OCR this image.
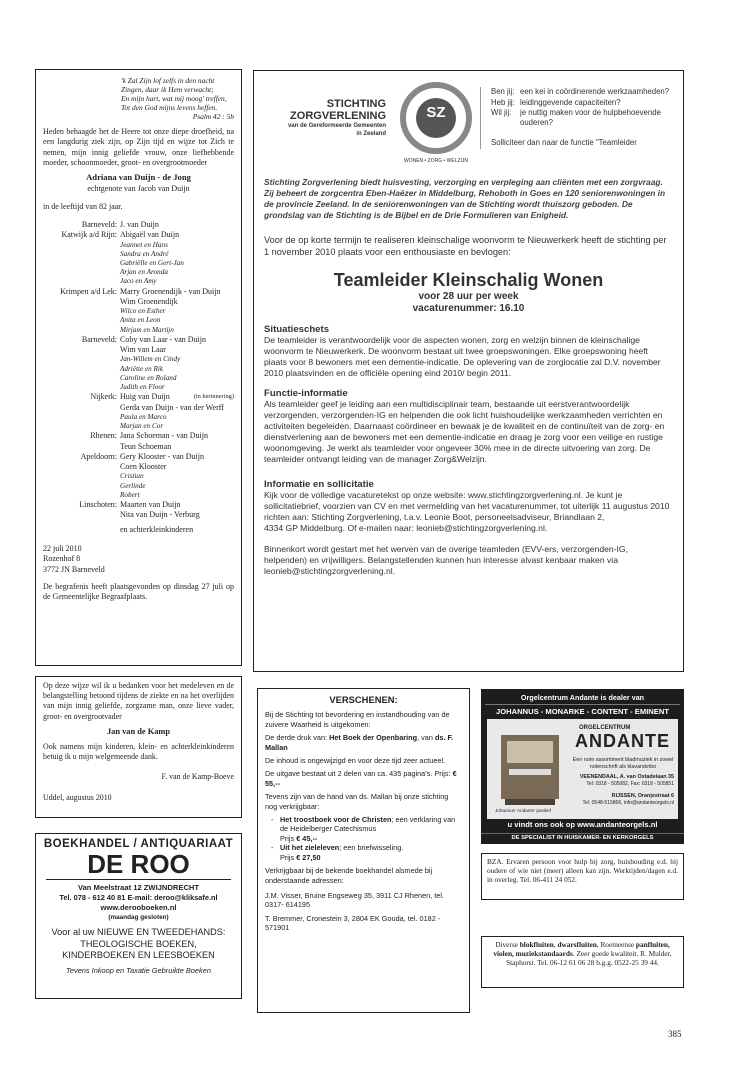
'k Zal Zijn lof zelfs in den nacht
Zingen, daar ik Hem verwacht;
En mijn hart, wat mij moog' treffen,
Tot den God mijns levens heffen.
Psalm 42 : 5b
Heden behaagde het de Heere tot onze diepe droefheid, na een langdurig ziek zijn, op Zijn tijd en wijze tot Zich te nemen, mijn innig geliefde vrouw, onze liefhebbende moeder, schoonmoeder, groot- en overgrootmoeder
Adriana van Duijn - de Jong
echtgenote van Jacob van Duijn
in de leeftijd van 82 jaar.
Barneveld: J. van Duijn
Katwijk a/d Rijn: Abigaël van Duijn
Jeannet en Hans
Sandra en André
Gabriëlle en Gert-Jan
Arjan en Aronda
Jaco en Amy
Krimpen a/d Lek: Marry Groenendijk - van Duijn
Wim Groenendijk
Wilco en Esther
Anita en Leon
Mirjam en Martijn
Barneveld: Coby van Laar - van Duijn
Wim van Laar
Jan-Willem en Cindy
Adriëtte en Rik
Caroline en Roland
Judith en Floor
Nijkerk: Huig van Duijn	(in herinnering)
Gerda van Duijn - van der Werff
Paula en Marco
Marjan en Cor
Rhenen: Jana Schoeman - van Duijn
Teun Schoeman
Apeldoorn: Gery Klooster - van Duijn
Coen Klooster
Cristian
Gerlinde
Robert
Linschoten: Maarten van Duijn
Nita van Duijn - Verburg
en achterkleinkinderen
22 juli 2010
Rozenhof 8
3772 JN Barneveld
De begrafenis heeft plaatsgevonden op dinsdag 27 juli op de Gemeentelijke Begraafplaats.
Op deze wijze wil ik u bedanken voor het medeleven en de belangstelling betoond tijdens de ziekte en na het overlijden van mijn innig geliefde, zorgzame man, onze lieve vader, groot- en overgrootvader
Jan van de Kamp
Ook namens mijn kinderen, klein- en achterkleinkinderen betuig ik u mijn welgemeende dank.
F. van de Kamp-Boeve
Uddel, augustus 2010
BOEKHANDEL / ANTIQUARIAAT
DE ROO
Van Meelstraat 12 ZWIJNDRECHT
Tel. 078 - 612 40 81 E-mail: deroo@kliksafe.nl
www.derooboeken.nl
(maandag gesloten)
Voor al uw NIEUWE EN TWEEDEHANDS:
THEOLOGISCHE BOEKEN,
KINDERBOEKEN EN LEESBOEKEN
Tevens Inkoop en Taxatie Gebruikte Boeken
STICHTING
ZORGVERLENING
van de Gereformeerde Gemeenten
in Zeeland
SZ
WONEN • ZORG • WELZIJN
Ben jij: een kei in coördinerende werkzaamheden?
Heb jij: leidinggevende capaciteiten?
Wil jij:	je nuttig maken voor de hulpbehoevende ouderen?
Solliciteer dan naar de functie "Teamleider
Stichting Zorgverlening biedt huisvesting, verzorging en verpleging aan cliënten met een zorgvraag. Zij beheert de zorgcentra Eben-Haëzer in Middelburg, Rehoboth in Goes en 120 seniorenwoningen in de provincie Zeeland. In de seniorenwoningen van de Stichting wordt thuiszorg geboden. De grondslag van de Stichting is de Bijbel en de Drie Formulieren van Enigheid.
Voor de op korte termijn te realiseren kleinschalige woonvorm te Nieuwerkerk heeft de stichting per 1 november 2010 plaats voor een enthousiaste en bevlogen:
Teamleider Kleinschalig Wonen
voor 28 uur per week
vacaturenummer: 16.10
Situatieschets
De teamleider is verantwoordelijk voor de aspecten wonen, zorg en welzijn binnen de kleinschalige woonvorm te Nieuwerkerk. De woonvorm bestaat uit twee groepswoningen. Elke groepswoning heeft plaats voor 8 bewoners met een dementie-indicatie. De oplevering van de zorglocatie zal D.V. november 2010 plaatsvinden en de officiële opening eind 2010/ begin 2011.
Functie-informatie
Als teamleider geef je leiding aan een multidisciplinair team, bestaande uit eerstverantwoordelijk verzorgenden, verzorgenden-IG en helpenden die ook licht huishoudelijke werkzaamheden verrichten en activiteiten begeleiden. Daarnaast coördineer en bewaak je de kwaliteit en de continuïteit van de zorg- en dienstverlening aan de bewoners met een dementie-indicatie en draag je zorg voor een veilige en rustige woonomgeving. Je werkt als teamleider voor ongeveer 30% mee in de directe uitvoering van zorg. De teamleider ontvangt leiding van de manager Zorg&Welzijn.
Informatie en sollicitatie
Kijk voor de volledige vacaturetekst op onze website: www.stichtingzorgverlening.nl. Je kunt je sollicitatiebrief, voorzien van CV en met vermelding van het vacaturenummer, tot uiterlijk 11 augustus 2010 richten aan: Stichting Zorgverlening, t.a.v. Leonie Boot, personeelsadviseur, Briandlaan 2,
4334 GP Middelburg. Of e-mailen naar: leonieb@stichtingzorgverlening.nl.
Binnenkort wordt gestart met het werven van de overige teamleden (EVV-ers, verzorgenden-IG, helpenden) en vrijwilligers. Belangstellenden kunnen hun interesse alvast kenbaar maken via leonieb@stichtingzorgverlening.nl.
VERSCHENEN:

Bij de Stichting tot bevordering en instandhouding van de zuivere Waarheid is uitgekomen:

De derde druk van: Het Boek der Openbaring, van ds. F. Mallan

De inhoud is ongewijzigd en voor deze tijd zeer actueel.

De uitgave bestaat uit 2 delen van ca. 435 pagina's. Prijs: € 55,--

Tevens zijn van de hand van ds. Mallan bij onze stichting nog verkrijgbaar:

- Het troostboek voor de Christen; een verklaring van de Heidelberger Catechismus
Prijs € 45,--
- Uit het zieleleven; een briefwisseling.
Prijs € 27,50

Verkrijgbaar bij de bekende boekhandel alsmede bij onderstaande adressen:

J.M. Visser, Bruine Engseweg 35, 3911 CJ Rhenen, tel. 0317- 614195

T. Bremmer, Cronestein 3, 2804 EK Gouda, tel. 0182 - 571901

Orgelcentrum Andante is dealer van
JOHANNUS - MONARKE - CONTENT - EMINENT
ORGELCENTRUM
ANDANTE
Een ruim assortiment bladmuziek in zowel notenschrift als klavarskribo
VEENENDAAL, A. van Ostadelaan 35
Tel: 0318 - 505082, Fax: 0318 - 505851
RIJSSEN, Oranjestraat 6
Tel: 0548-515866, info@andanteorgels.nl
Johannus 'Andante' positief
u vindt ons ook op www.andanteorgels.nl
DE SPECIALIST IN HUISKAMER- EN KERKORGELS
BZA. Ervaren persoon voor hulp bij zorg, huishouding e.d. bij oudere of wie niet (meer) alleen kan zijn. Werktijden/dagen e.d. in overleg. Tel. 06-411 24 052.
Diverse blokfluiten, dwarsfluiten, Roemeense panfluiten, violen, muziekstandaards. Zeer goede kwaliteit. R. Mulder, Staphorst. Tel. 06-12 61 06 28 b.g.g. 0522-25 39 44.
385
